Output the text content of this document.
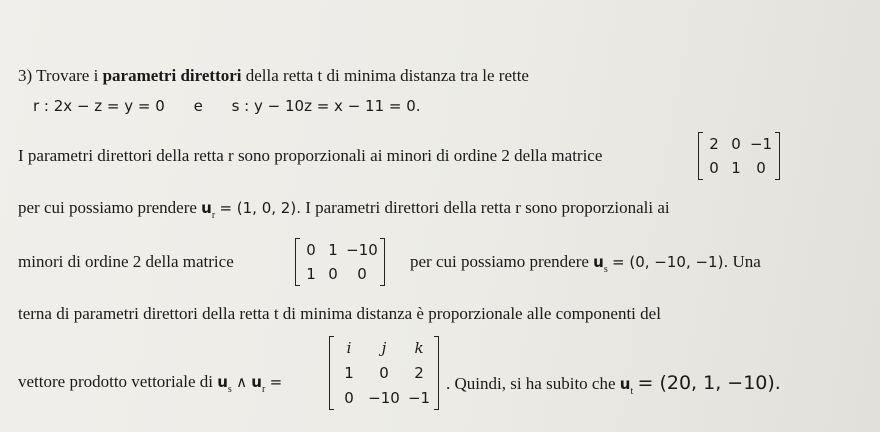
3) Trovare i parametri direttori della retta t di minima distanza tra le rette
r : 2x − z = y = 0 e s : y − 10z = x − 11 = 0.
I parametri direttori della retta r sono proporzionali ai minori di ordine 2 della matrice
2 0 −1
0 1	0
per cui possiamo prendere $u_r = (1$, 0, 2). I parametri direttori della retta r sono proporzionali ai
minori di ordine 2 della matrice
0 1 −10
1 0	0
per cui possiamo prendere $u_s = (0$, −10, −1). Una
terna di parametri direttori della retta t di minima distanza è proporzionale alle componenti del
vettore prodotto vettoriale di $u_s$ ∧ $u_r$ =
i	j	k
1	0	2
0 −10 −1
. Quindi, si ha subito che $u_t = (20$, 1, −10).
